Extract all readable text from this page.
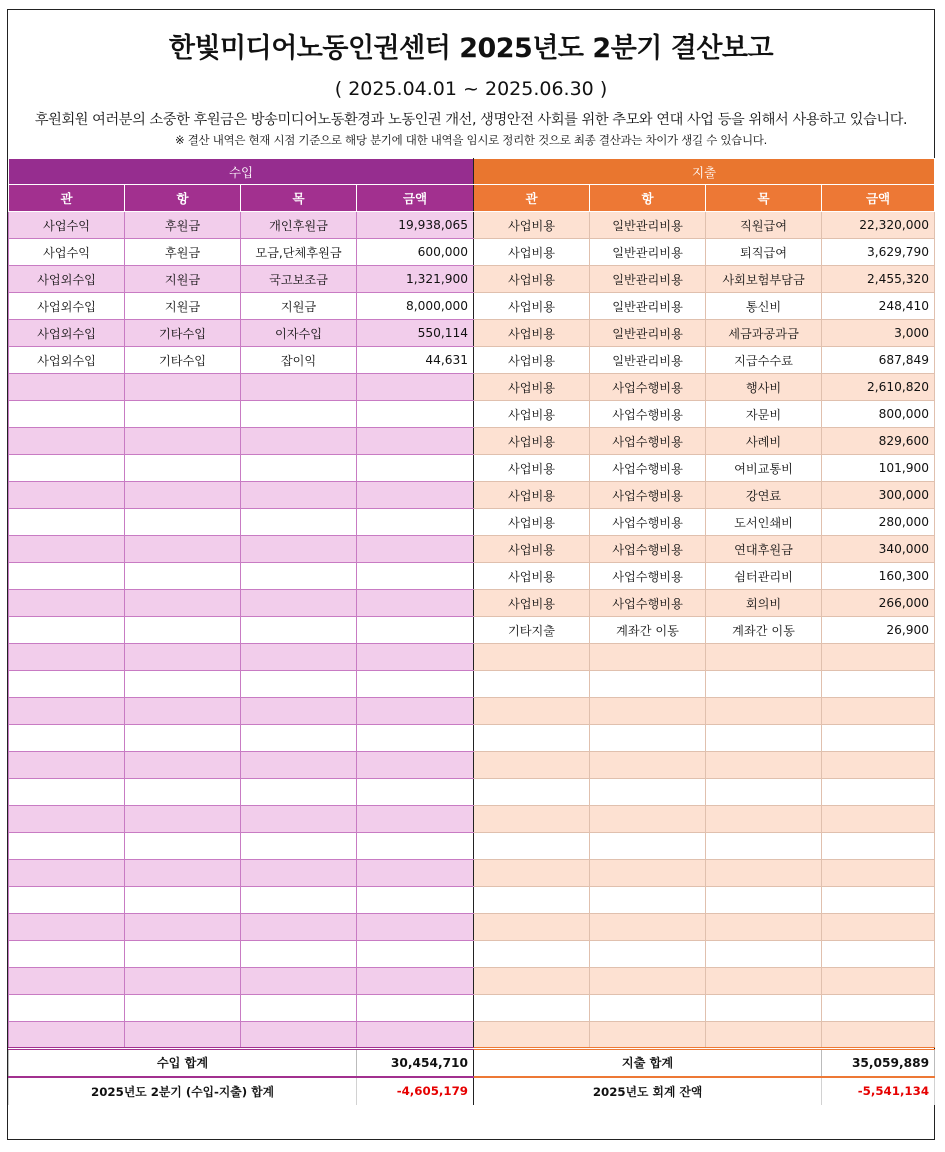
한빛미디어노동인권센터 2025년도 2분기 결산보고
( 2025.04.01 ~ 2025.06.30 )
후원회원 여러분의 소중한 후원금은 방송미디어노동환경과 노동인권 개선, 생명안전 사회를 위한 추모와 연대 사업 등을 위해서 사용하고 있습니다.
※ 결산 내역은 현재 시점 기준으로 해당 분기에 대한 내역을 임시로 정리한 것으로 최종 결산과는 차이가 생길 수 있습니다.
수입				지출			
관	항	목	금액	관	항	목	금액
사업수익	후원금	개인후원금	19,938,065	사업비용	일반관리비용	직원급여	22,320,000
사업수익	후원금	모금,단체후원금	600,000	사업비용	일반관리비용	퇴직급여	3,629,790
사업외수입	지원금	국고보조금	1,321,900	사업비용	일반관리비용	사회보험부담금	2,455,320
사업외수입	지원금	지원금	8,000,000	사업비용	일반관리비용	통신비	248,410
사업외수입	기타수입	이자수입	550,114	사업비용	일반관리비용	세금과공과금	3,000
사업외수입	기타수입	잡이익	44,631	사업비용	일반관리비용	지급수수료	687,849
				사업비용	사업수행비용	행사비	2,610,820
				사업비용	사업수행비용	자문비	800,000
				사업비용	사업수행비용	사례비	829,600
				사업비용	사업수행비용	여비교통비	101,900
				사업비용	사업수행비용	강연료	300,000
				사업비용	사업수행비용	도서인쇄비	280,000
				사업비용	사업수행비용	연대후원금	340,000
				사업비용	사업수행비용	쉼터관리비	160,300
				사업비용	사업수행비용	회의비	266,000
				기타지출	계좌간 이동	계좌간 이동	26,900

수입 합계			30,454,710	지출 합계			35,059,889
2025년도 2분기 (수입-지출) 합계			-4,605,179	2025년도 회계 잔액			-5,541,134
